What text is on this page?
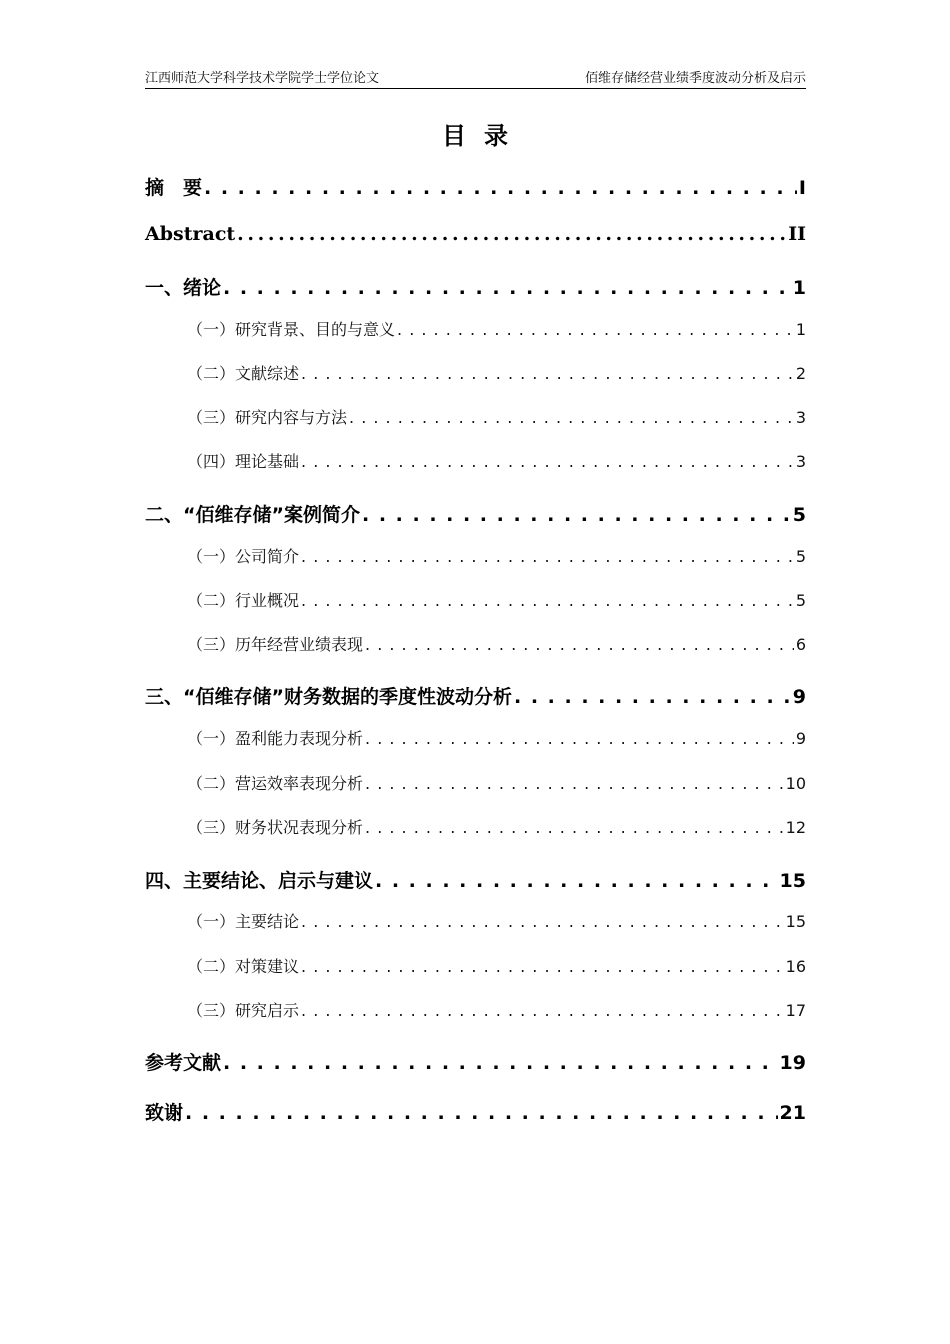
江西师范大学科学技术学院学士学位论文	佰维存储经营业绩季度波动分析及启示
目录
摘　要 . . .	I
Abstract . . .	II
一、绪论 . . .	1
（一）研究背景、目的与意义 . . .	1
（二）文献综述 . . .	2
（三）研究内容与方法 . . .	3
（四）理论基础 . . .	3
二、“佰维存储”案例简介 . . .	5
（一）公司简介 . . .	5
（二）行业概况 . . .	5
（三）历年经营业绩表现 . . .	6
三、“佰维存储”财务数据的季度性波动分析 . . .	9
（一）盈利能力表现分析 . . .	9
（二）营运效率表现分析 . . .	10
（三）财务状况表现分析 . . .	12
四、主要结论、启示与建议 . . .	15
（一）主要结论 . . .	15
（二）对策建议 . . .	16
（三）研究启示 . . .	17
参考文献 . . .	19
致谢 . . .	21
